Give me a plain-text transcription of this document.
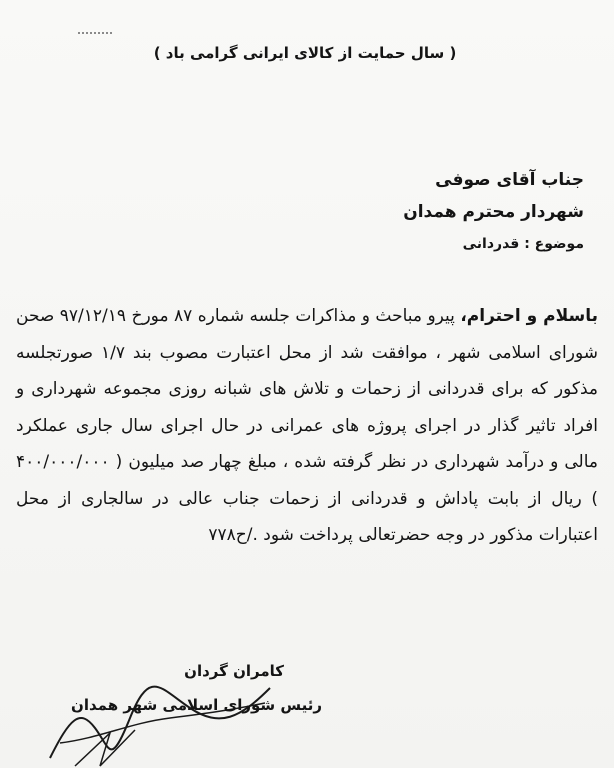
( سال حمایت از کالای ایرانی گرامی باد )
جناب آقای صوفی
شهردار محترم همدان
موضوع : قدردانی
باسلام و احترام، پیرو مباحث و مذاکرات جلسه شماره ۸۷ مورخ ۹۷/۱۲/۱۹ صحن شورای اسلامی شهر ، موافقت شد از محل اعتبارت مصوب بند ۱/۷ صورتجلسه مذکور که برای قدردانی از زحمات و تلاش های شبانه روزی مجموعه شهرداری و افراد تاثیر گذار در اجرای پروژه های عمرانی در حال اجرای سال جاری عملکرد مالی و درآمد شهرداری در نظر گرفته شده ، مبلغ چهار صد میلیون ( ۴۰۰/۰۰۰/۰۰۰ ) ریال از بابت پاداش و قدردانی از زحمات جناب عالی در سالجاری از محل اعتبارات مذکور در وجه حضرتعالی پرداخت شود ./ح۷۷۸
کامران گردان
رئیس شورای اسلامی شهر همدان
